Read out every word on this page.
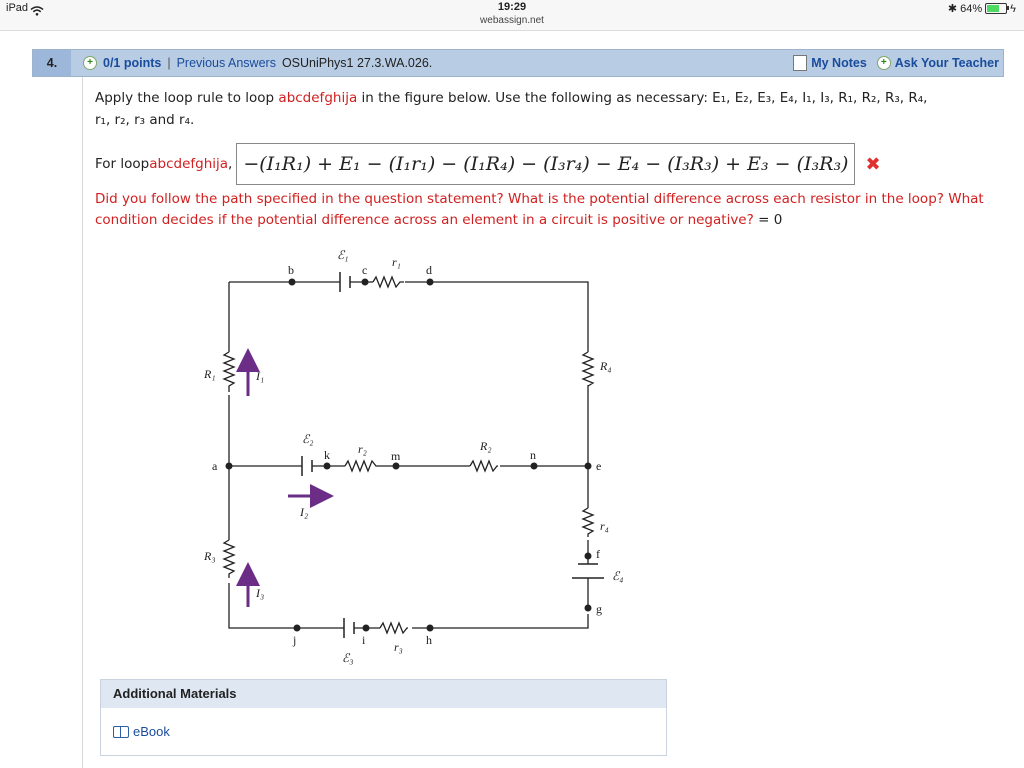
iPad	19:29
webassign.net
✱ 64%	ϟ
4.	+ 0/1 points | Previous Answers OSUniPhys1 27.3.WA.026.	My Notes	+ Ask Your Teacher
Apply the loop rule to loop abcdefghija in the figure below. Use the following as necessary: E₁, E₂, E₃, E₄, I₁, I₃, R₁, R₂, R₃, R₄,
r₁, r₂, r₃ and r₄.
For loop abcdefghija , −(I₁R₁) + E₁ − (I₁r₁) − (I₁R₄) − (I₃r₄) − E₄ − (I₃R₃) + E₃ − (I₃R₃) ✖
Did you follow the path specified in the question statement? What is the potential difference across each resistor in the loop? What condition decides if the potential difference across an element in a circuit is positive or negative? = 0
b	c	d
a
k	m	n
e
f
g
j	i	h
ℰ₁
ℰ₂
ℰ₃
ℰ₄
r₁
r₂
r₃
r₄
R₁
R₂
R₃
R₄
I₁
I₂
I₃
Additional Materials
eBook
